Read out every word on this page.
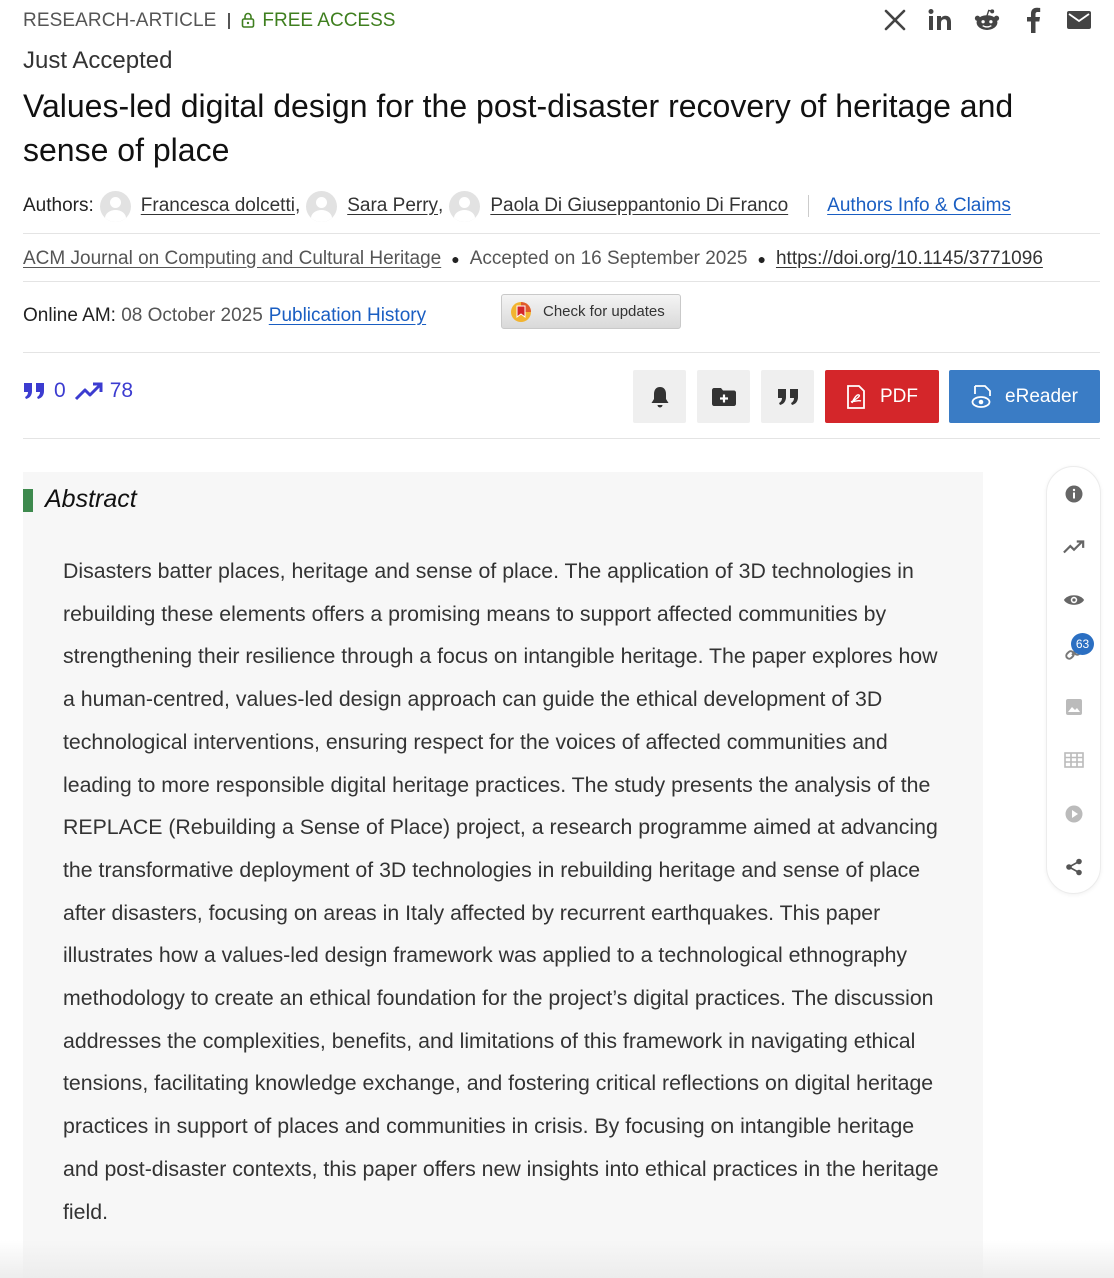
RESEARCH-ARTICLE FREE ACCESS
Just Accepted
Values-led digital design for the post-disaster recovery of heritage and sense of place
Authors: Francesca dolcetti , Sara Perry , Paola Di Giuseppantonio Di Franco Authors Info & Claims
ACM Journal on Computing and Cultural Heritage ● Accepted on 16 September 2025 ● https://doi.org/10.1145/3771096
Online AM:
08 October 2025 Publication History	Check for updates
0 78	PDF	eReader
Abstract

Disasters batter places, heritage and sense of place. The application of 3D technologies in rebuilding these elements offers a promising means to support affected communities by strengthening their resilience through a focus on intangible heritage. The paper explores how a human-centred, values-led design approach can guide the ethical development of 3D technological interventions, ensuring respect for the voices of affected communities and leading to more responsible digital heritage practices. The study presents the analysis of the REPLACE (Rebuilding a Sense of Place) project, a research programme aimed at advancing the transformative deployment of 3D technologies in rebuilding heritage and sense of place after disasters, focusing on areas in Italy affected by recurrent earthquakes. This paper illustrates how a values-led design framework was applied to a technological ethnography methodology to create an ethical foundation for the project’s digital practices. The discussion addresses the complexities, benefits, and limitations of this framework in navigating ethical tensions, facilitating knowledge exchange, and fostering critical reflections on digital heritage practices in support of places and communities in crisis. By focusing on intangible heritage and post-disaster contexts, this paper offers new insights into ethical practices in the heritage field.

63
